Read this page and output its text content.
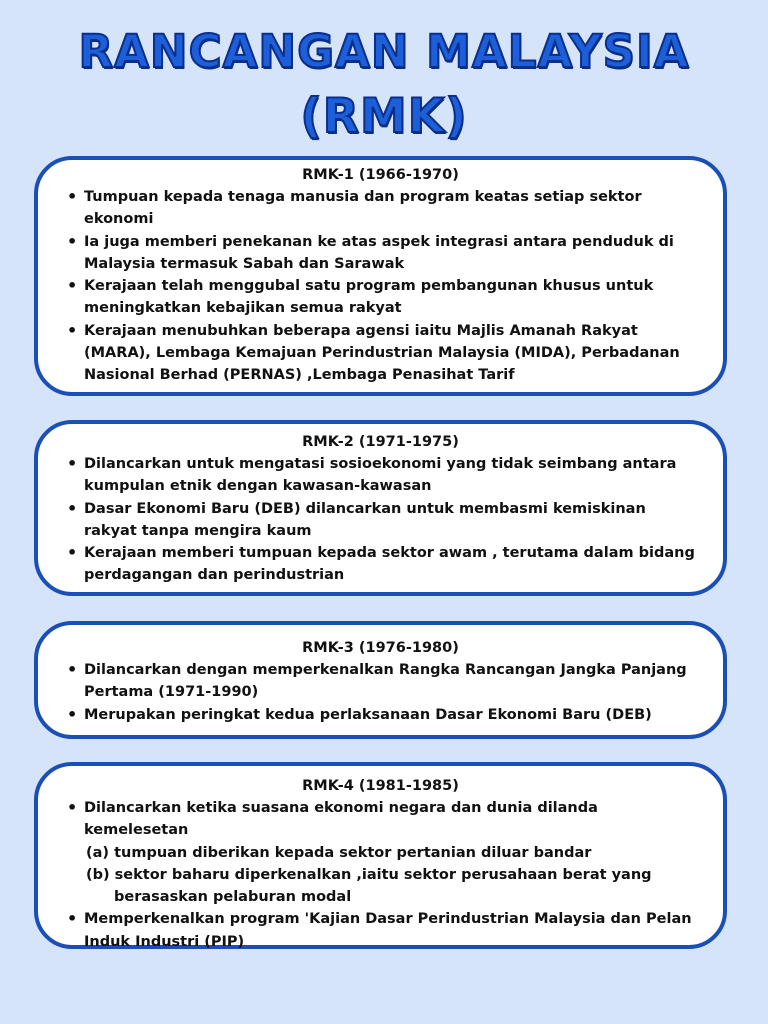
RANCANGAN MALAYSIA
(RMK)
RMK-1 (1966-1970)
• Tumpuan kepada tenaga manusia dan program keatas setiap sektor ekonomi
• Ia juga memberi penekanan ke atas aspek integrasi antara penduduk di Malaysia termasuk Sabah dan Sarawak
• Kerajaan telah menggubal satu program pembangunan khusus untuk meningkatkan kebajikan semua rakyat
• Kerajaan menubuhkan beberapa agensi iaitu Majlis Amanah Rakyat (MARA), Lembaga Kemajuan Perindustrian Malaysia (MIDA), Perbadanan Nasional Berhad (PERNAS) ,Lembaga Penasihat Tarif
RMK-2 (1971-1975)
• Dilancarkan untuk mengatasi sosioekonomi yang tidak seimbang antara kumpulan etnik dengan kawasan-kawasan
• Dasar Ekonomi Baru (DEB) dilancarkan untuk membasmi kemiskinan rakyat tanpa mengira kaum
• Kerajaan memberi tumpuan kepada sektor awam , terutama dalam bidang perdagangan dan perindustrian
RMK-3 (1976-1980)
• Dilancarkan dengan memperkenalkan Rangka Rancangan Jangka Panjang Pertama (1971-1990)
• Merupakan peringkat kedua perlaksanaan Dasar Ekonomi Baru (DEB)
RMK-4 (1981-1985)
• Dilancarkan ketika suasana ekonomi negara dan dunia dilanda kemelesetan
(a) tumpuan diberikan kepada sektor pertanian diluar bandar
(b) sektor baharu diperkenalkan ,iaitu sektor perusahaan berat yang
berasaskan pelaburan modal
• Memperkenalkan program 'Kajian Dasar Perindustrian Malaysia dan Pelan Induk Industri (PIP)
